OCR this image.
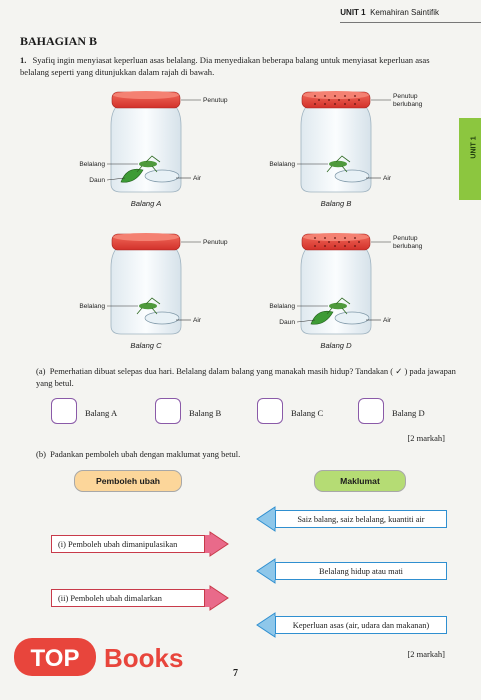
UNIT 1 Kemahiran Saintifik
UNIT 1
BAHAGIAN B
1. Syafiq ingin menyiasat keperluan asas belalang. Dia menyediakan beberapa balang untuk menyiasat keperluan asas belalang seperti yang ditunjukkan dalam rajah di bawah.
Penutup
Belalang
Daun	Air
Balang A
Penutup
berlubang
Belalang
Air
Balang B
Penutup
Belalang
Air
Balang C
Penutup
berlubang
Belalang
Daun	Air
Balang D
(a) Pemerhatian dibuat selepas dua hari. Belalang dalam balang yang manakah masih hidup? Tandakan ( ✓ ) pada jawapan yang betul.
Balang A	Balang B	Balang C	Balang D
[2 markah]
(b) Padankan pemboleh ubah dengan maklumat yang betul.
Pemboleh ubah	Maklumat
(i) Pemboleh ubah dimanipulasikan
(ii) Pemboleh ubah dimalarkan
Saiz balang, saiz belalang, kuantiti air
Belalang hidup atau mati
Keperluan asas (air, udara dan makanan)
[2 markah]
7
TOP Books
